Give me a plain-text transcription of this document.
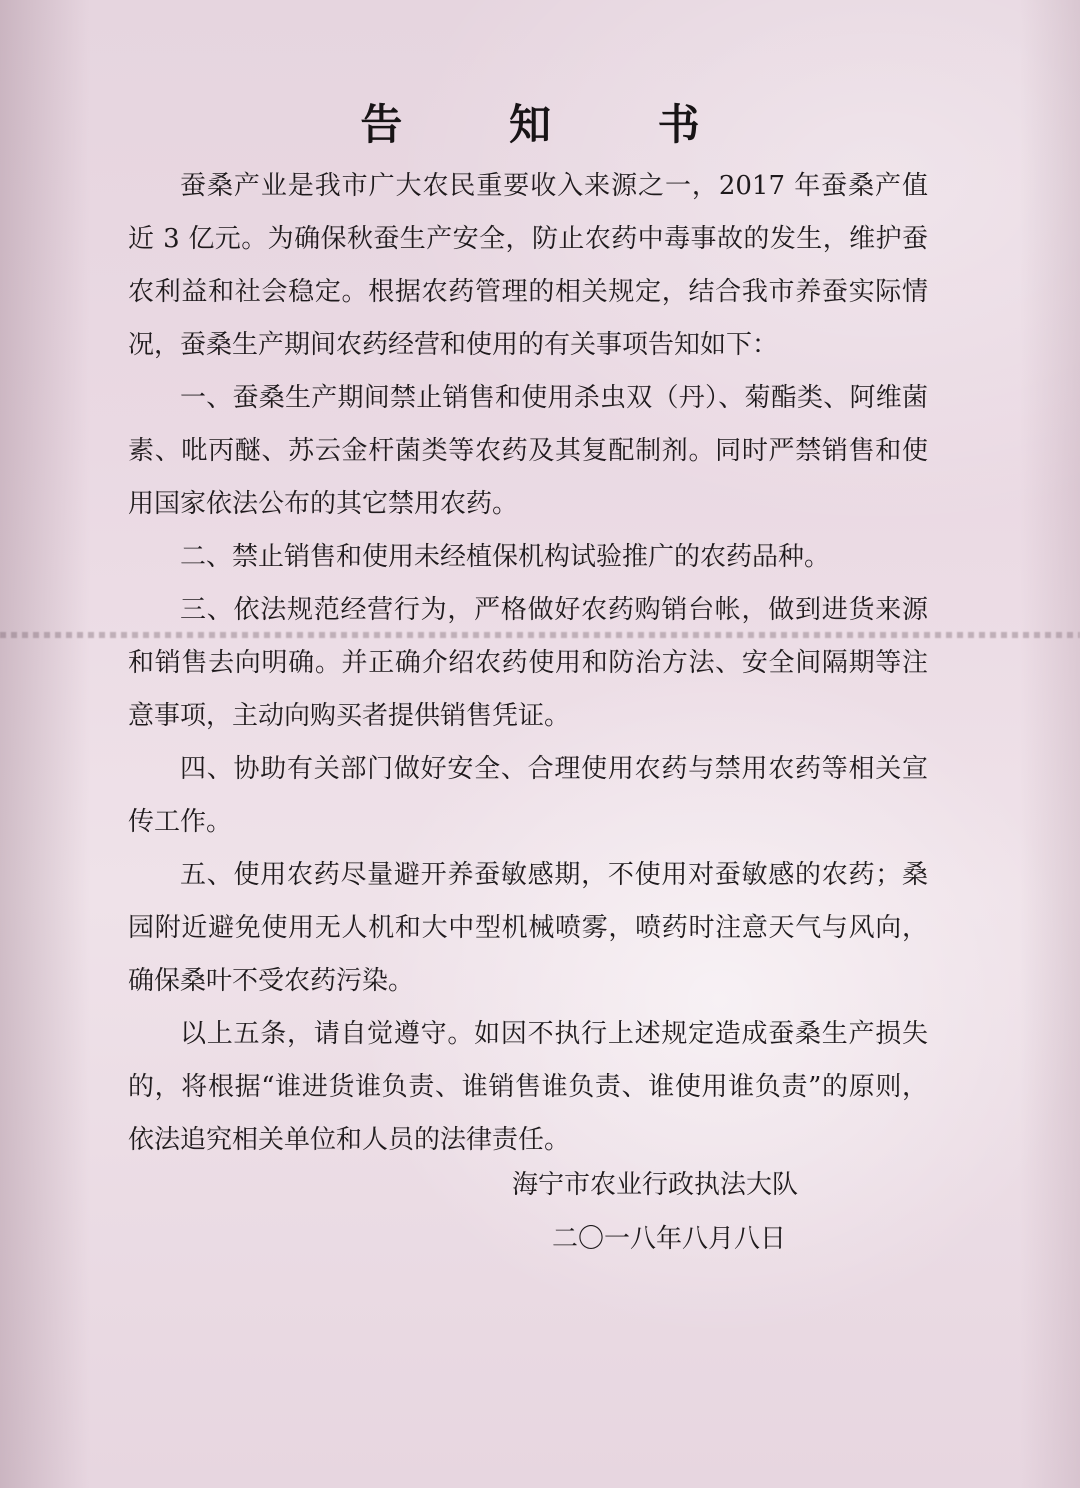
告 知 书

蚕桑产业是我市广大农民重要收入来源之一，2017 年蚕桑产值近 3 亿元。为确保秋蚕生产安全，防止农药中毒事故的发生，维护蚕农利益和社会稳定。根据农药管理的相关规定，结合我市养蚕实际情况，蚕桑生产期间农药经营和使用的有关事项告知如下：

一、蚕桑生产期间禁止销售和使用杀虫双（丹）、菊酯类、阿维菌素、吡丙醚、苏云金杆菌类等农药及其复配制剂。同时严禁销售和使用国家依法公布的其它禁用农药。

二、禁止销售和使用未经植保机构试验推广的农药品种。

三、依法规范经营行为，严格做好农药购销台帐，做到进货来源和销售去向明确。并正确介绍农药使用和防治方法、安全间隔期等注意事项，主动向购买者提供销售凭证。

四、协助有关部门做好安全、合理使用农药与禁用农药等相关宣传工作。

五、使用农药尽量避开养蚕敏感期，不使用对蚕敏感的农药；桑园附近避免使用无人机和大中型机械喷雾，喷药时注意天气与风向，确保桑叶不受农药污染。

以上五条，请自觉遵守。如因不执行上述规定造成蚕桑生产损失的，将根据“谁进货谁负责、谁销售谁负责、谁使用谁负责”的原则，依法追究相关单位和人员的法律责任。

海宁市农业行政执法大队

二〇一八年八月八日
